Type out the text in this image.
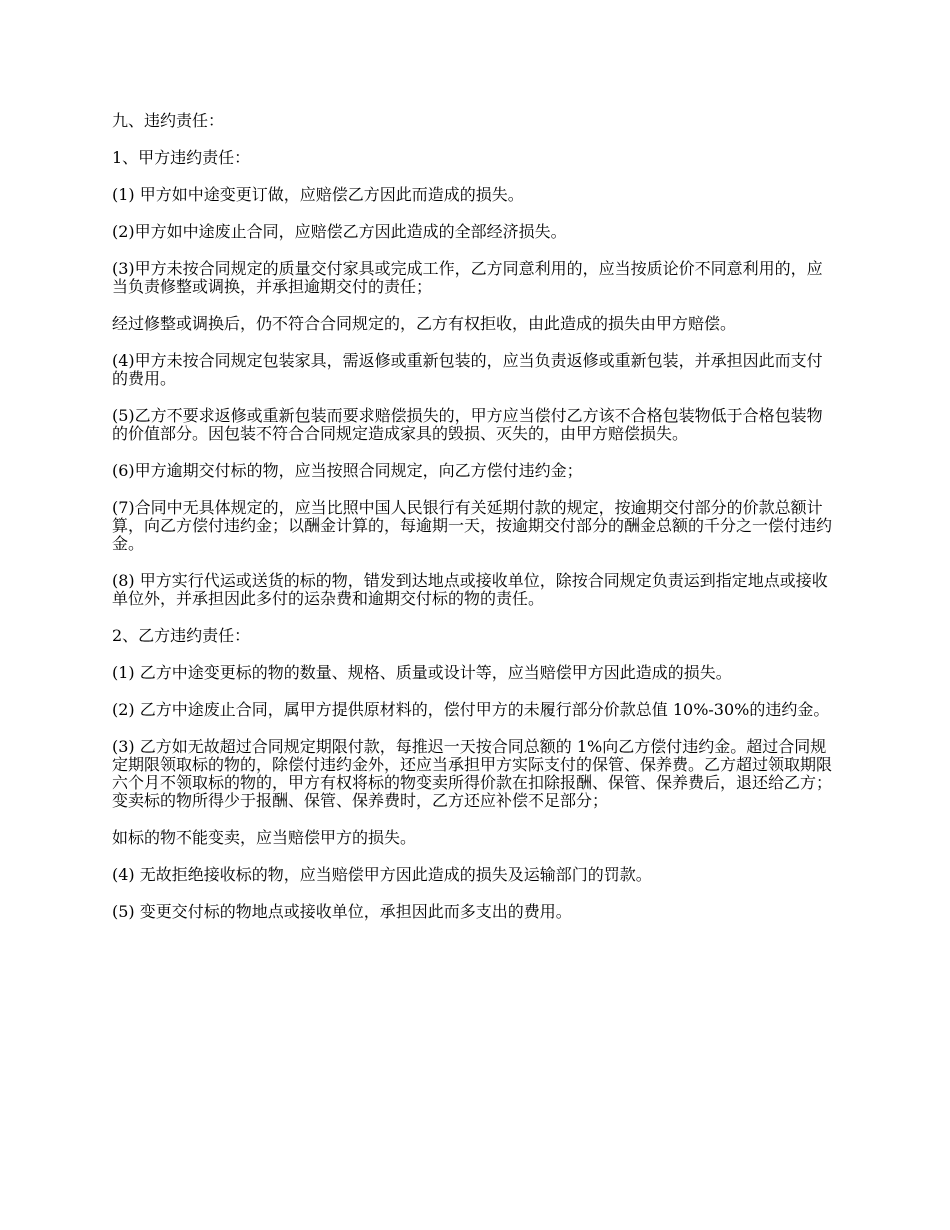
九、违约责任：

1、甲方违约责任：

(1) 甲方如中途变更订做，应赔偿乙方因此而造成的损失。

(2)甲方如中途废止合同，应赔偿乙方因此造成的全部经济损失。

(3)甲方未按合同规定的质量交付家具或完成工作，乙方同意利用的，应当按质论价不同意利用的，应当负责修整或调换，并承担逾期交付的责任；

经过修整或调换后，仍不符合合同规定的，乙方有权拒收，由此造成的损失由甲方赔偿。

(4)甲方未按合同规定包装家具，需返修或重新包装的，应当负责返修或重新包装，并承担因此而支付的费用。

(5)乙方不要求返修或重新包装而要求赔偿损失的，甲方应当偿付乙方该不合格包装物低于合格包装物的价值部分。因包装不符合合同规定造成家具的毁损、灭失的，由甲方赔偿损失。

(6)甲方逾期交付标的物，应当按照合同规定，向乙方偿付违约金；

(7)合同中无具体规定的，应当比照中国人民银行有关延期付款的规定，按逾期交付部分的价款总额计算，向乙方偿付违约金；以酬金计算的，每逾期一天，按逾期交付部分的酬金总额的千分之一偿付违约金。

(8) 甲方实行代运或送货的标的物，错发到达地点或接收单位，除按合同规定负责运到指定地点或接收单位外，并承担因此多付的运杂费和逾期交付标的物的责任。

2、乙方违约责任：

(1) 乙方中途变更标的物的数量、规格、质量或设计等，应当赔偿甲方因此造成的损失。

(2) 乙方中途废止合同，属甲方提供原材料的，偿付甲方的未履行部分价款总值 10%-30%的违约金。

(3) 乙方如无故超过合同规定期限付款，每推迟一天按合同总额的 1%向乙方偿付违约金。超过合同规定期限领取标的物的，除偿付违约金外，还应当承担甲方实际支付的保管、保养费。乙方超过领取期限六个月不领取标的物的，甲方有权将标的物变卖所得价款在扣除报酬、保管、保养费后，退还给乙方；变卖标的物所得少于报酬、保管、保养费时，乙方还应补偿不足部分；

如标的物不能变卖，应当赔偿甲方的损失。

(4) 无故拒绝接收标的物，应当赔偿甲方因此造成的损失及运输部门的罚款。

(5) 变更交付标的物地点或接收单位，承担因此而多支出的费用。
